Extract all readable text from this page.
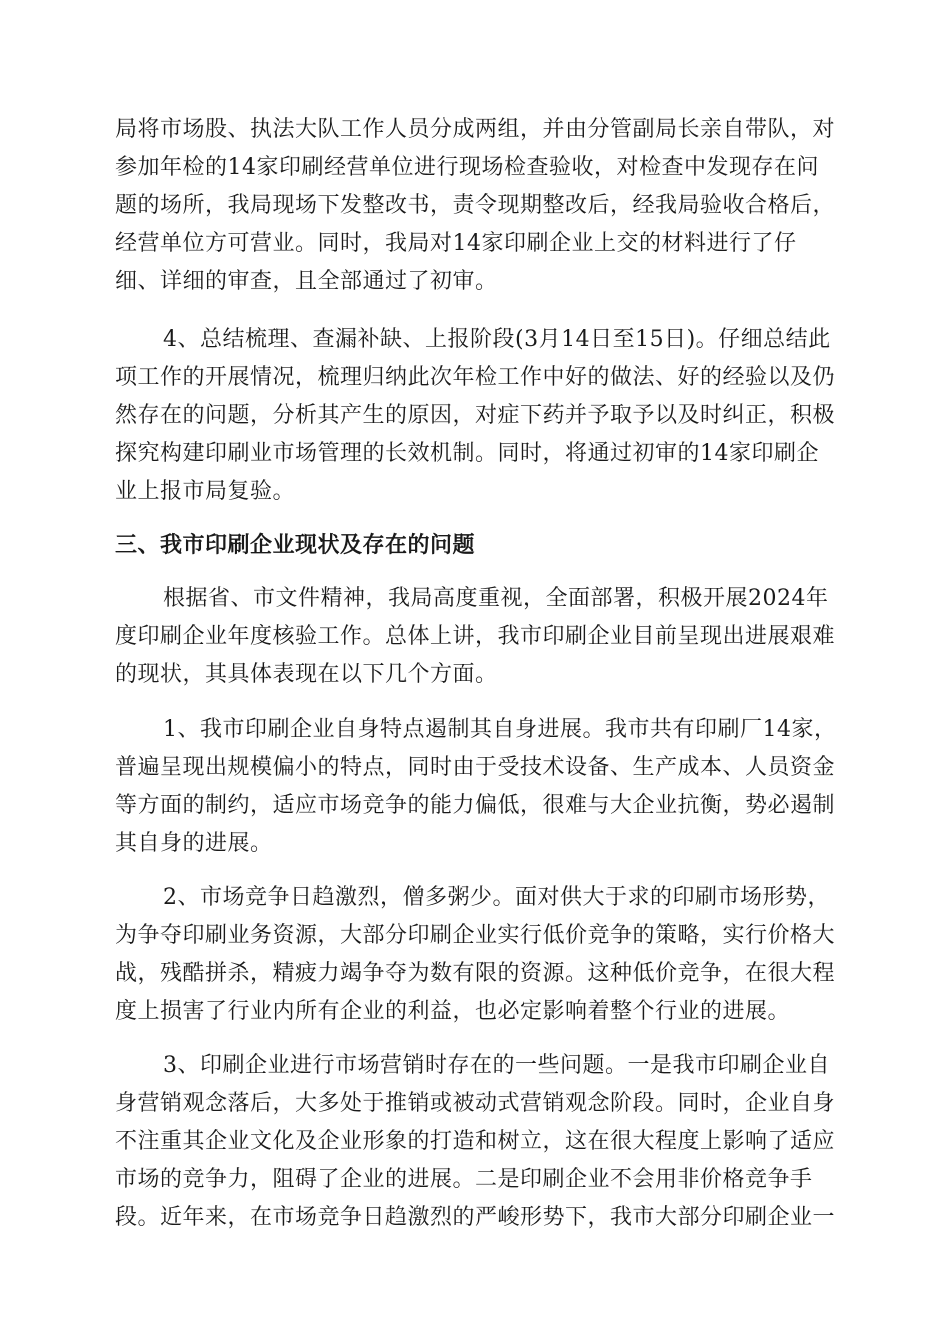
局将市场股、执法大队工作人员分成两组，并由分管副局长亲自带队，对
参加年检的14家印刷经营单位进行现场检查验收，对检查中发现存在问
题的场所，我局现场下发整改书，责令现期整改后，经我局验收合格后，
经营单位方可营业。同时，我局对14家印刷企业上交的材料进行了仔
细、详细的审查，且全部通过了初审。
4、总结梳理、查漏补缺、上报阶段(3月14日至15日)。仔细总结此
项工作的开展情况，梳理归纳此次年检工作中好的做法、好的经验以及仍
然存在的问题，分析其产生的原因，对症下药并予取予以及时纠正，积极
探究构建印刷业市场管理的长效机制。同时，将通过初审的14家印刷企
业上报市局复验。
三、我市印刷企业现状及存在的问题
根据省、市文件精神，我局高度重视，全面部署，积极开展2024年
度印刷企业年度核验工作。总体上讲，我市印刷企业目前呈现出进展艰难
的现状，其具体表现在以下几个方面。
1、我市印刷企业自身特点遏制其自身进展。我市共有印刷厂14家，
普遍呈现出规模偏小的特点，同时由于受技术设备、生产成本、人员资金
等方面的制约，适应市场竞争的能力偏低，很难与大企业抗衡，势必遏制
其自身的进展。
2、市场竞争日趋激烈，僧多粥少。面对供大于求的印刷市场形势，
为争夺印刷业务资源，大部分印刷企业实行低价竞争的策略，实行价格大
战，残酷拼杀，精疲力竭争夺为数有限的资源。这种低价竞争，在很大程
度上损害了行业内所有企业的利益，也必定影响着整个行业的进展。
3、印刷企业进行市场营销时存在的一些问题。一是我市印刷企业自
身营销观念落后，大多处于推销或被动式营销观念阶段。同时，企业自身
不注重其企业文化及企业形象的打造和树立，这在很大程度上影响了适应
市场的竞争力，阻碍了企业的进展。二是印刷企业不会用非价格竞争手
段。近年来，在市场竞争日趋激烈的严峻形势下，我市大部分印刷企业一
